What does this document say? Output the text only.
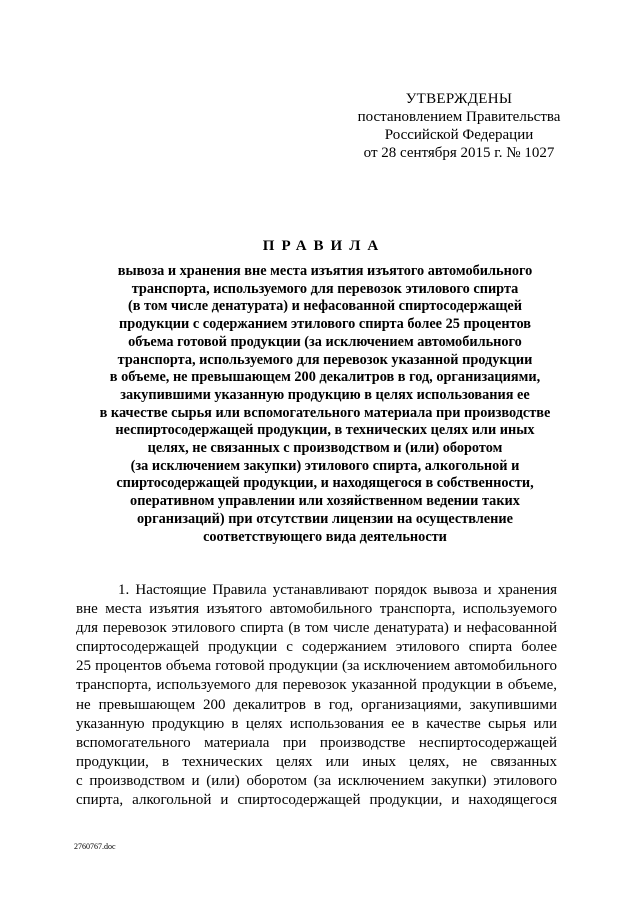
УТВЕРЖДЕНЫ
постановлением Правительства
Российской Федерации
от 28 сентября 2015 г. № 1027
ПРАВИЛА
вывоза и хранения вне места изъятия изъятого автомобильного
транспорта, используемого для перевозок этилового спирта
(в том числе денатурата) и нефасованной спиртосодержащей
продукции с содержанием этилового спирта более 25 процентов
объема готовой продукции (за исключением автомобильного
транспорта, используемого для перевозок указанной продукции
в объеме, не превышающем 200 декалитров в год, организациями,
закупившими указанную продукцию в целях использования ее
в качестве сырья или вспомогательного материала при производстве
неспиртосодержащей продукции, в технических целях или иных
целях, не связанных с производством и (или) оборотом
(за исключением закупки) этилового спирта, алкогольной и
спиртосодержащей продукции, и находящегося в собственности,
оперативном управлении или хозяйственном ведении таких
организаций) при отсутствии лицензии на осуществление
соответствующего вида деятельности
1. Настоящие Правила устанавливают порядок вывоза и хранения
вне места изъятия изъятого автомобильного транспорта, используемого
для перевозок этилового спирта (в том числе денатурата) и нефасованной
спиртосодержащей продукции с содержанием этилового спирта более
25 процентов объема готовой продукции (за исключением автомобильного
транспорта, используемого для перевозок указанной продукции в объеме,
не превышающем 200 декалитров в год, организациями, закупившими
указанную продукцию в целях использования ее в качестве сырья или
вспомогательного материала при производстве неспиртосодержащей
продукции, в технических целях или иных целях, не связанных
с производством и (или) оборотом (за исключением закупки) этилового
спирта, алкогольной и спиртосодержащей продукции, и находящегося
2760767.doc
